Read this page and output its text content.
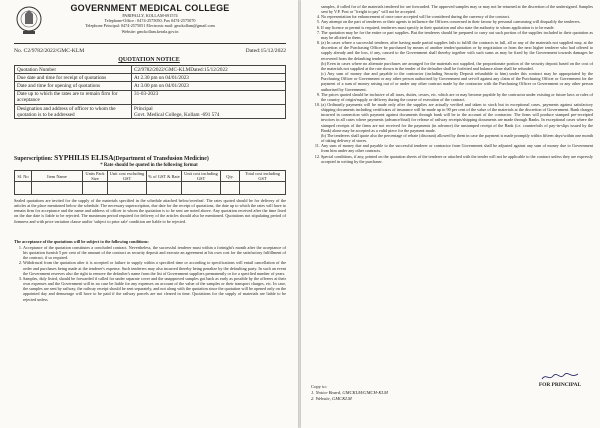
GOVERNMENT MEDICAL COLLEGE
PARIPALLY, KOLLAM-691574
Telephone-Office : 0474-2575050, Fax 0474-2575070
Telephone Principal: 0474-2575051 Electronic mail: gmckollam@gmail.com
Website: gmckollam.kerala.gov.in
No. C2/9782/2022/GMC-KLM	Dated:15/12/2022
QUOTATION NOTICE
Quotation Number	C2/9782/2022/GMC-KLMDated:15/12/2022
Due date and time for receipt of quotations	At 2.30 pm on 04/01/2023
Date and time for opening of quotations	At 3.00 pm on 04/01/2023
Date up to which the rates are to remain firm for acceptance	31-03-2023
Designation and address of officer to whom the quotation is to be addressed	Principal
Govt. Medical College, Kollam -691 574
Superscription: SYPHILIS ELISA(Department of Transfusion Medicine)
* Rate should be quoted in the following format
Sl. No	Item Name	Units Pack Size	Unit cost excluding GST	% of GST & Rate	Unit cost including GST	Qty.	Total cost including GST

Sealed quotations are invited for the supply of the materials specified in the schedule attached below/overleaf. The rates quoted should be for delivery of the articles at the place mentioned below the schedule. The necessary superscription, due date for the receipt of quotations, the date up to which the rates will have to remain firm for acceptance and the name and address of officer to whom the quotation is to be sent are noted above. Any quotation received after the time fixed on the due date is liable to be rejected. The maximum period required for delivery of the articles should also be mentioned. Quotations not stipulating period of firmness and with price variation clause and/or 'subject to prior sale' condition are liable to be rejected.
The acceptance of the quotations will be subject to the following conditions:
1. Acceptance of the quotation constitutes a concluded contract. Nevertheless, the successful tenderer must within a fortnight's month after the acceptance of his quotation furnish 5 per cent of the amount of the contract as security deposit and execute an agreement at his own cost for the satisfactory fulfillment of the contract, if so required.
2. Withdrawal from the quotation after it is accepted or failure to supply within a specified time or according to specifications will entail cancellation of the order and purchases being made at the tenderer's expense. Such tenderers may also incurred thereby being penalize by the defaulting party. In such an event the Government reserves also the right to remove the defaulter's name from the list of Government suppliers permanently or for a specified number of years.
3. Samples, duly listed, should be forwarded if called for under separate cover and the unapproved samples got back as early as possible by the offerers at their own expenses and the Government will in no case be liable for any expenses on account of the value of the samples or their transport charges, etc. In case, the samples are sent by railway, the railway receipt should be sent separately, and not along with the quotation since the quotation will be opened only on the appointed day and demurrage will have to be paid if the railway parcels are not cleared in time. Quotations for the supply of materials are liable to be rejected unless
samples, if called for of the materials tendered for are forwarded. The approved samples may or may not be returned at the discretion of the undersigned. Samples sent by V.P. Post or "freight to pay" will not be accepted.
4. No representation for enhancement of once once accepted will be considered during the currency of the contract.
5. Any attempt on the part of tenderers or their agents to influence the Officers concerned in their favour by personal canvassing will disqualify the tenderers.
6. If any licence or permit is required, tenderers must specify in their quotation and also state the authority to whom application is to be made.
7. The quotation may be for the entire or part supplies. But the tenderers should be prepared to carry out such portion of the supplies included in their quotation as may be allotted to them.
8. (a) In cases where a successful tenderer, after having made partial supplies fails to fulfill the contracts in full, all or any of the materials not supplied may, at the discretion of the Purchasing Officer be purchased by means of another tender/quotation or by negotiation or from the next higher tenderer who had offered to supply already and the loss, if any, caused to the Government shall thereby together with such sums as may be fixed by the Government towards damages be recovered from the defaulting tenderer.
(b) Even in cases where no alternate purchases are arranged for the materials not supplied, the proportionate portion of the security deposit based on the cost of the materials not supplied at the rate shown in the tender of the defaulter shall be forfeited and balance alone shall be refunded.
(c) Any sum of money due and payable to the contractor (including Security Deposit refundable to him) under this contract may be appropriated by the Purchasing Officer or Government or any other person authorised by Government and set-off against any claim of the Purchasing Officer or Government for the payment of a sum of money arising out of or under any other contract made by the contractor with the Purchasing Officer or Government or any other person authorised by Government.
9. The prices quoted should be inclusive of all taxes, duties, cesses, etc. which are or may become payable by the contractor under existing or future laws or rules of the country of origin/supply or delivery during the course of execution of the contract.
10. (a) Ordinarily payments will be made only after the supplies are actually verified and taken to stock but in exceptional cases, payments against satisfactory shipping documents including certificates of insurance will be made up to 90 per cent of the value of the materials at the discretion of Government. Bank charges incurred in connection with payment against documents through bank will be to the account of the contractor. The firms will produce stamped pre-receipted invoices in all cases where payments (advance/final) for release of railway receipts/shipping documents are made through Banks. In exceptional cases where the stamped receipts of the firms are not received for the payments (in advance) the unstamped receipt of the Bank (i.e. counterfoils of pay-in-slips issued by the Bank) alone may be accepted as a valid piece for the payment made.
(b) The tenderers shall quote also the percentage of rebate (discount) allowed by them in case the payment is made promptly within fifteen days/within one month of taking delivery of stores.
11. Any sum of money due and payable to the successful tenderer or contractor from Government shall be adjusted against any sum of money due to Government from him under any other contracts.
12. Special conditions, if any, printed on the quotation sheets of the tenderer or attached with the tender will not be applicable to the contract unless they are expressly accepted in writing by the purchaser.
FOR PRINCIPAL
Copy to:
1. Notice Board, GMCKLM/GMCH-KLM
2. Website, GMCKLM
